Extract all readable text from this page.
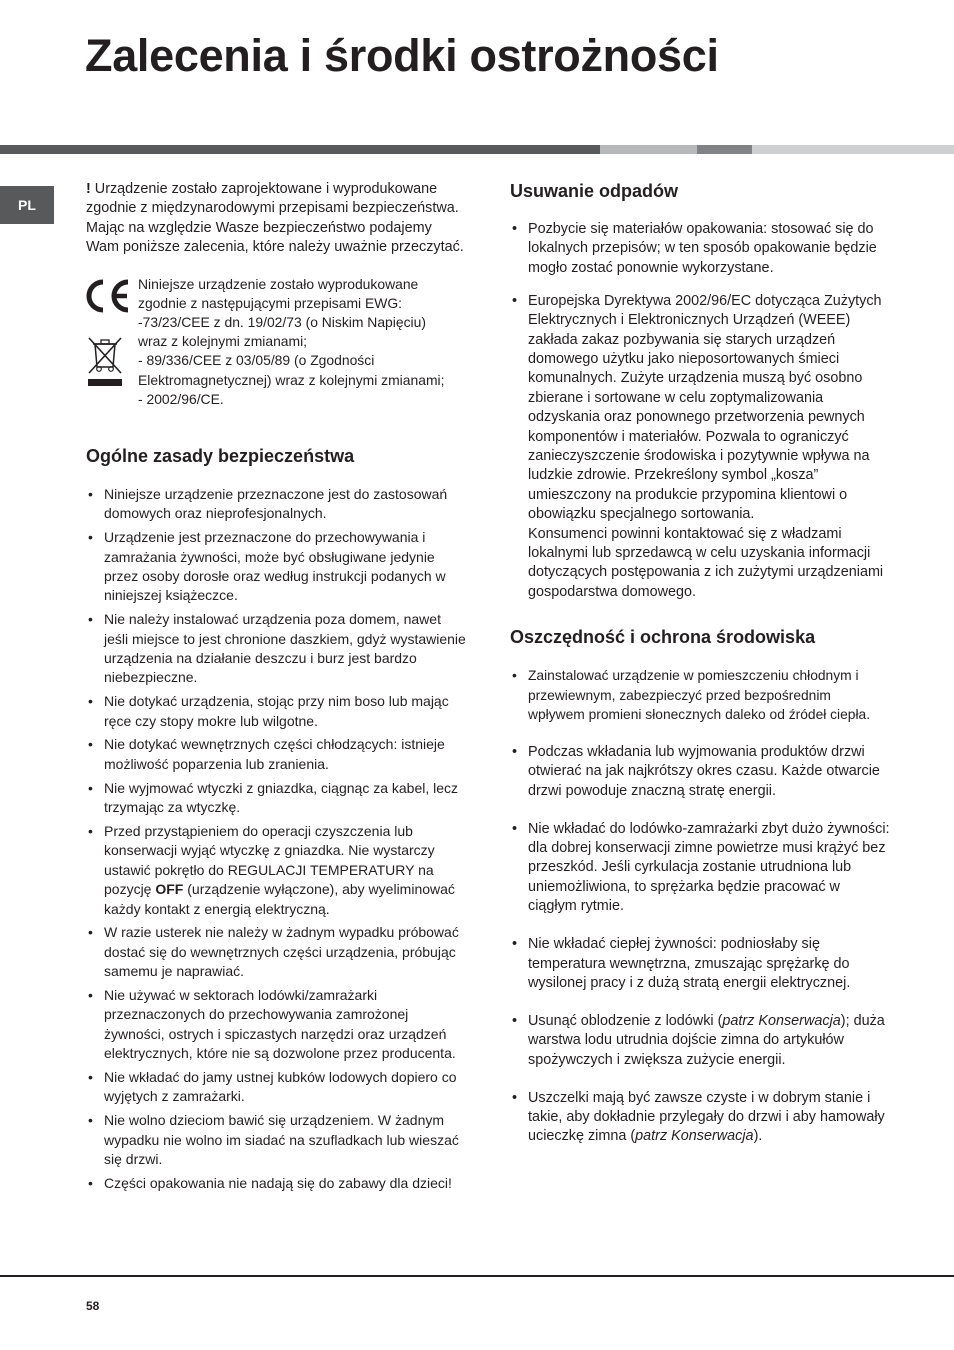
Zalecenia i środki ostrożności
PL

! Urządzenie zostało zaprojektowane i wyprodukowane zgodnie z międzynarodowymi przepisami bezpieczeństwa. Mając na względzie Wasze bezpieczeństwo podajemy Wam poniższe zalecenia, które należy uważnie przeczytać.

Niniejsze urządzenie zostało wyprodukowane
zgodnie z następującymi przepisami EWG:
-73/23/CEE z dn. 19/02/73 (o Niskim Napięciu)
wraz z kolejnymi zmianami;
- 89/336/CEE z 03/05/89 (o Zgodności
Elektromagnetycznej) wraz z kolejnymi zmianami;
- 2002/96/CE.
Ogólne zasady bezpieczeństwa
• Niniejsze urządzenie przeznaczone jest do zastosowań domowych oraz nieprofesjonalnych.
• Urządzenie jest przeznaczone do przechowywania i zamrażania żywności, może być obsługiwane jedynie przez osoby dorosłe oraz według instrukcji podanych w niniejszej książeczce.
• Nie należy instalować urządzenia poza domem, nawet jeśli miejsce to jest chronione daszkiem, gdyż wystawienie urządzenia na działanie deszczu i burz jest bardzo niebezpieczne.
• Nie dotykać urządzenia, stojąc przy nim boso lub mając ręce czy stopy mokre lub wilgotne.
• Nie dotykać wewnętrznych części chłodzących: istnieje możliwość poparzenia lub zranienia.
• Nie wyjmować wtyczki z gniazdka, ciągnąc za kabel, lecz trzymając za wtyczkę.
• Przed przystąpieniem do operacji czyszczenia lub konserwacji wyjąć wtyczkę z gniazdka. Nie wystarczy ustawić pokrętło do REGULACJI TEMPERATURY na pozycję OFF (urządzenie wyłączone), aby wyeliminować każdy kontakt z energią elektryczną.
• W razie usterek nie należy w żadnym wypadku próbować dostać się do wewnętrznych części urządzenia, próbując samemu je naprawiać.
• Nie używać w sektorach lodówki/zamrażarki przeznaczonych do przechowywania zamrożonej żywności, ostrych i spiczastych narzędzi oraz urządzeń elektrycznych, które nie są dozwolone przez producenta.
• Nie wkładać do jamy ustnej kubków lodowych dopiero co wyjętych z zamrażarki.
• Nie wolno dzieciom bawić się urządzeniem. W żadnym wypadku nie wolno im siadać na szufladkach lub wieszać się drzwi.
• Części opakowania nie nadają się do zabawy dla dzieci!
Usuwanie odpadów
• Pozbycie się materiałów opakowania: stosować się do lokalnych przepisów; w ten sposób opakowanie będzie mogło zostać ponownie wykorzystane.
• Europejska Dyrektywa 2002/96/EC dotycząca Zużytych Elektrycznych i Elektronicznych Urządzeń (WEEE) zakłada zakaz pozbywania się starych urządzeń domowego użytku jako nieposortowanych śmieci komunalnych. Zużyte urządzenia muszą być osobno zbierane i sortowane w celu zoptymalizowania odzyskania oraz ponownego przetworzenia pewnych komponentów i materiałów. Pozwala to ograniczyć zanieczyszczenie środowiska i pozytywnie wpływa na ludzkie zdrowie. Przekreślony symbol „kosza” umieszczony na produkcie przypomina klientowi o obowiązku specjalnego sortowania.
Konsumenci powinni kontaktować się z władzami lokalnymi lub sprzedawcą w celu uzyskania informacji dotyczących postępowania z ich zużytymi urządzeniami gospodarstwa domowego.
Oszczędność i ochrona środowiska
• Zainstalować urządzenie w pomieszczeniu chłodnym i przewiewnym, zabezpieczyć przed bezpośrednim wpływem promieni słonecznych daleko od źródeł ciepła.
• Podczas wkładania lub wyjmowania produktów drzwi otwierać na jak najkrótszy okres czasu. Każde otwarcie drzwi powoduje znaczną stratę energii.
• Nie wkładać do lodówko-zamrażarki zbyt dużo żywności: dla dobrej konserwacji zimne powietrze musi krążyć bez przeszkód. Jeśli cyrkulacja zostanie utrudniona lub uniemożliwiona, to sprężarka będzie pracować w ciągłym rytmie.
• Nie wkładać ciepłej żywności: podniosłaby się temperatura wewnętrzna, zmuszając sprężarkę do wysilonej pracy i z dużą stratą energii elektrycznej.
• Usunąć oblodzenie z lodówki (patrz Konserwacja); duża warstwa lodu utrudnia dojście zimna do artykułów spożywczych i zwiększa zużycie energii.
• Uszczelki mają być zawsze czyste i w dobrym stanie i takie, aby dokładnie przylegały do drzwi i aby hamowały ucieczkę zimna (patrz Konserwacja).
58
